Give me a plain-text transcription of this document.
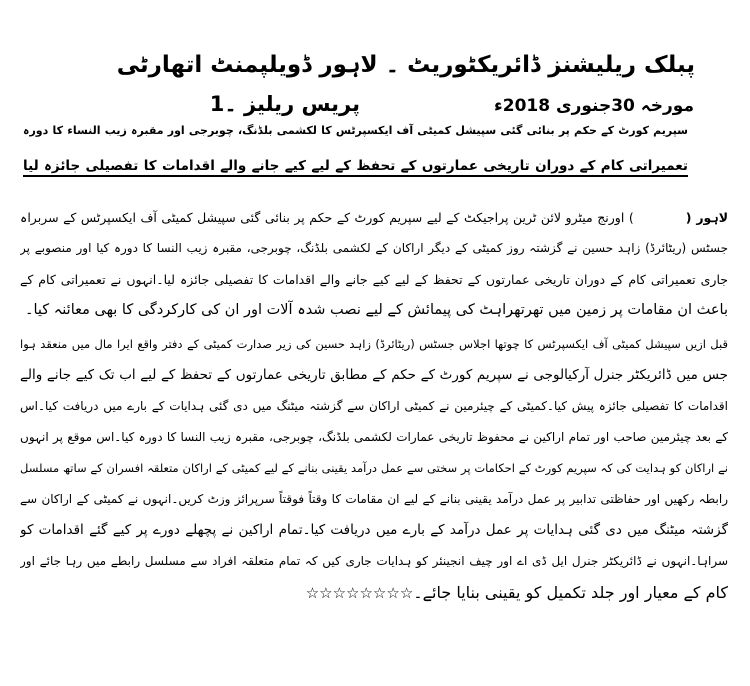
پبلک ریلیشنز ڈائریکٹوریٹ ۔ لاہور ڈویلپمنٹ اتھارٹی
پریس ریلیز ۔1	مورخہ 30جنوری 2018ء
سپریم کورٹ کے حکم پر بنائی گئی سپیشل کمیٹی آف ایکسپرٹس کا لکشمی بلڈنگ، چوبرجی اور مقبرہ زیب النساء کا دورہ
تعمیراتی کام کے دوران تاریخی عمارتوں کے تحفظ کے لیے کیے جانے والے اقدامات کا تفصیلی جائزہ لیا
لاہور () اورنج میٹرو لائن ٹرین پراجیکٹ کے لیے سپریم کورٹ کے حکم پر بنائی گئی سپیشل کمیٹی آف ایکسپرٹس کے سربراہ
جسٹس (ریٹائرڈ) زاہد حسین نے گزشتہ روز کمیٹی کے دیگر اراکان کے لکشمی بلڈنگ، چوبرجی، مقبرہ زیب النسا کا دورہ کیا اور منصوبے پر
جاری تعمیراتی کام کے دوران تاریخی عمارتوں کے تحفظ کے لیے کیے جانے والے اقدامات کا تفصیلی جائزہ لیا۔انہوں نے تعمیراتی کام کے
باعث ان مقامات پر زمین میں تھرتھراہٹ کی پیمائش کے لیے نصب شدہ آلات اور ان کی کارکردگی کا بھی معائنہ کیا۔
قبل ازیں سپیشل کمیٹی آف ایکسپرٹس کا چوتھا اجلاس جسٹس (ریٹائرڈ) زاہد حسین کی زیر صدارت کمیٹی کے دفتر واقع ایرا مال میں منعقد ہوا
جس میں ڈائریکٹر جنرل آرکیالوجی نے سپریم کورٹ کے حکم کے مطابق تاریخی عمارتوں کے تحفظ کے لیے اب تک کیے جانے والے
اقدامات کا تفصیلی جائزہ پیش کیا۔کمیٹی کے چیئرمین نے کمیٹی اراکان سے گزشتہ میٹنگ میں دی گئی ہدایات کے بارے میں دریافت کیا۔اس
کے بعد چیئرمین صاحب اور تمام اراکین نے محفوظ تاریخی عمارات لکشمی بلڈنگ، چوبرجی، مقبرہ زیب النسا کا دورہ کیا۔اس موقع پر انہوں
نے اراکان کو ہدایت کی کہ سپریم کورٹ کے احکامات پر سختی سے عمل درآمد یقینی بنانے کے لیے کمیٹی کے اراکان متعلقہ افسران کے ساتھ مسلسل
رابطہ رکھیں اور حفاظتی تدابیر پر عمل درآمد یقینی بنانے کے لیے ان مقامات کا وقتاً فوقتاً سرپرائز وزٹ کریں۔انہوں نے کمیٹی کے اراکان سے
گزشتہ میٹنگ میں دی گئی ہدایات پر عمل درآمد کے بارے میں دریافت کیا۔تمام اراکین نے پچھلے دورے پر کیے گئے اقدامات کو
سراہا۔انہوں نے ڈائریکٹر جنرل ایل ڈی اے اور چیف انجینئر کو ہدایات جاری کیں کہ تمام متعلقہ افراد سے مسلسل رابطے میں رہا جائے اور
کام کے معیار اور جلد تکمیل کو یقینی بنایا جائے۔☆☆☆☆☆☆☆☆
